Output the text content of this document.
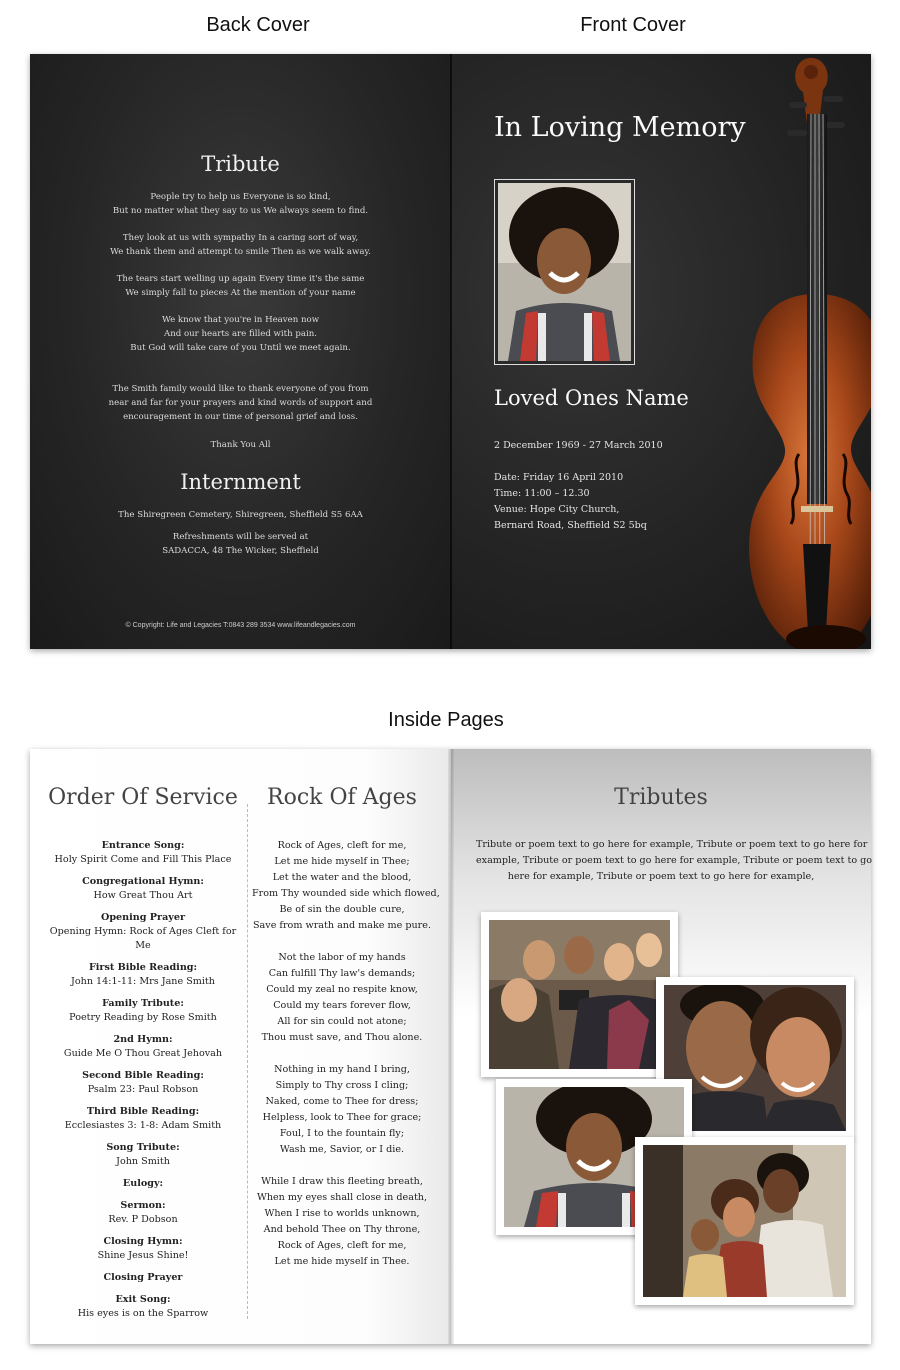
Back Cover	Front Cover
Inside Pages
Tribute
People try to help us Everyone is so kind,
But no matter what they say to us We always seem to find.
They look at us with sympathy In a caring sort of way,
We thank them and attempt to smile Then as we walk away.
The tears start welling up again Every time it's the same
We simply fall to pieces At the mention of your name
We know that you're in Heaven now
And our hearts are filled with pain.
But God will take care of you Until we meet again.
The Smith family would like to thank everyone of you from
near and far for your prayers and kind words of support and
encouragement in our time of personal grief and loss.
Thank You All
Internment
The Shiregreen Cemetery, Shiregreen, Sheffield S5 6AA
Refreshments will be served at
SADACCA, 48 The Wicker, Sheffield
© Copyright: Life and Legacies T:0843 289 3534 www.lifeandlegacies.com
In Loving Memory
Loved Ones Name
2 December 1969 - 27 March 2010
Date: Friday 16 April 2010
Time: 11:00 – 12.30
Venue: Hope City Church,
Bernard Road, Sheffield S2 5bq
Order Of Service	Rock Of Ages
Entrance Song:
Holy Spirit Come and Fill This Place
Congregational Hymn:
How Great Thou Art
Opening Prayer
Opening Hymn: Rock of Ages Cleft for Me
First Bible Reading:
John 14:1-11: Mrs Jane Smith
Family Tribute:
Poetry Reading by Rose Smith
2nd Hymn:
Guide Me O Thou Great Jehovah
Second Bible Reading:
Psalm 23: Paul Robson
Third Bible Reading:
Ecclesiastes 3: 1-8: Adam Smith
Song Tribute:
John Smith
Eulogy:
Sermon:
Rev. P Dobson
Closing Hymn:
Shine Jesus Shine!
Closing Prayer
Exit Song:
His eyes is on the Sparrow
Rock of Ages, cleft for me,
Let me hide myself in Thee;
Let the water and the blood,
From Thy wounded side which flowed,
Be of sin the double cure,
Save from wrath and make me pure.
Not the labor of my hands
Can fulfill Thy law's demands;
Could my zeal no respite know,
Could my tears forever flow,
All for sin could not atone;
Thou must save, and Thou alone.
Nothing in my hand I bring,
Simply to Thy cross I cling;
Naked, come to Thee for dress;
Helpless, look to Thee for grace;
Foul, I to the fountain fly;
Wash me, Savior, or I die.
While I draw this fleeting breath,
When my eyes shall close in death,
When I rise to worlds unknown,
And behold Thee on Thy throne,
Rock of Ages, cleft for me,
Let me hide myself in Thee.
Tributes
Tribute or poem text to go here for example, Tribute or poem text to go here for
example, Tribute or poem text to go here for example, Tribute or poem text to go
here for example, Tribute or poem text to go here for example,
